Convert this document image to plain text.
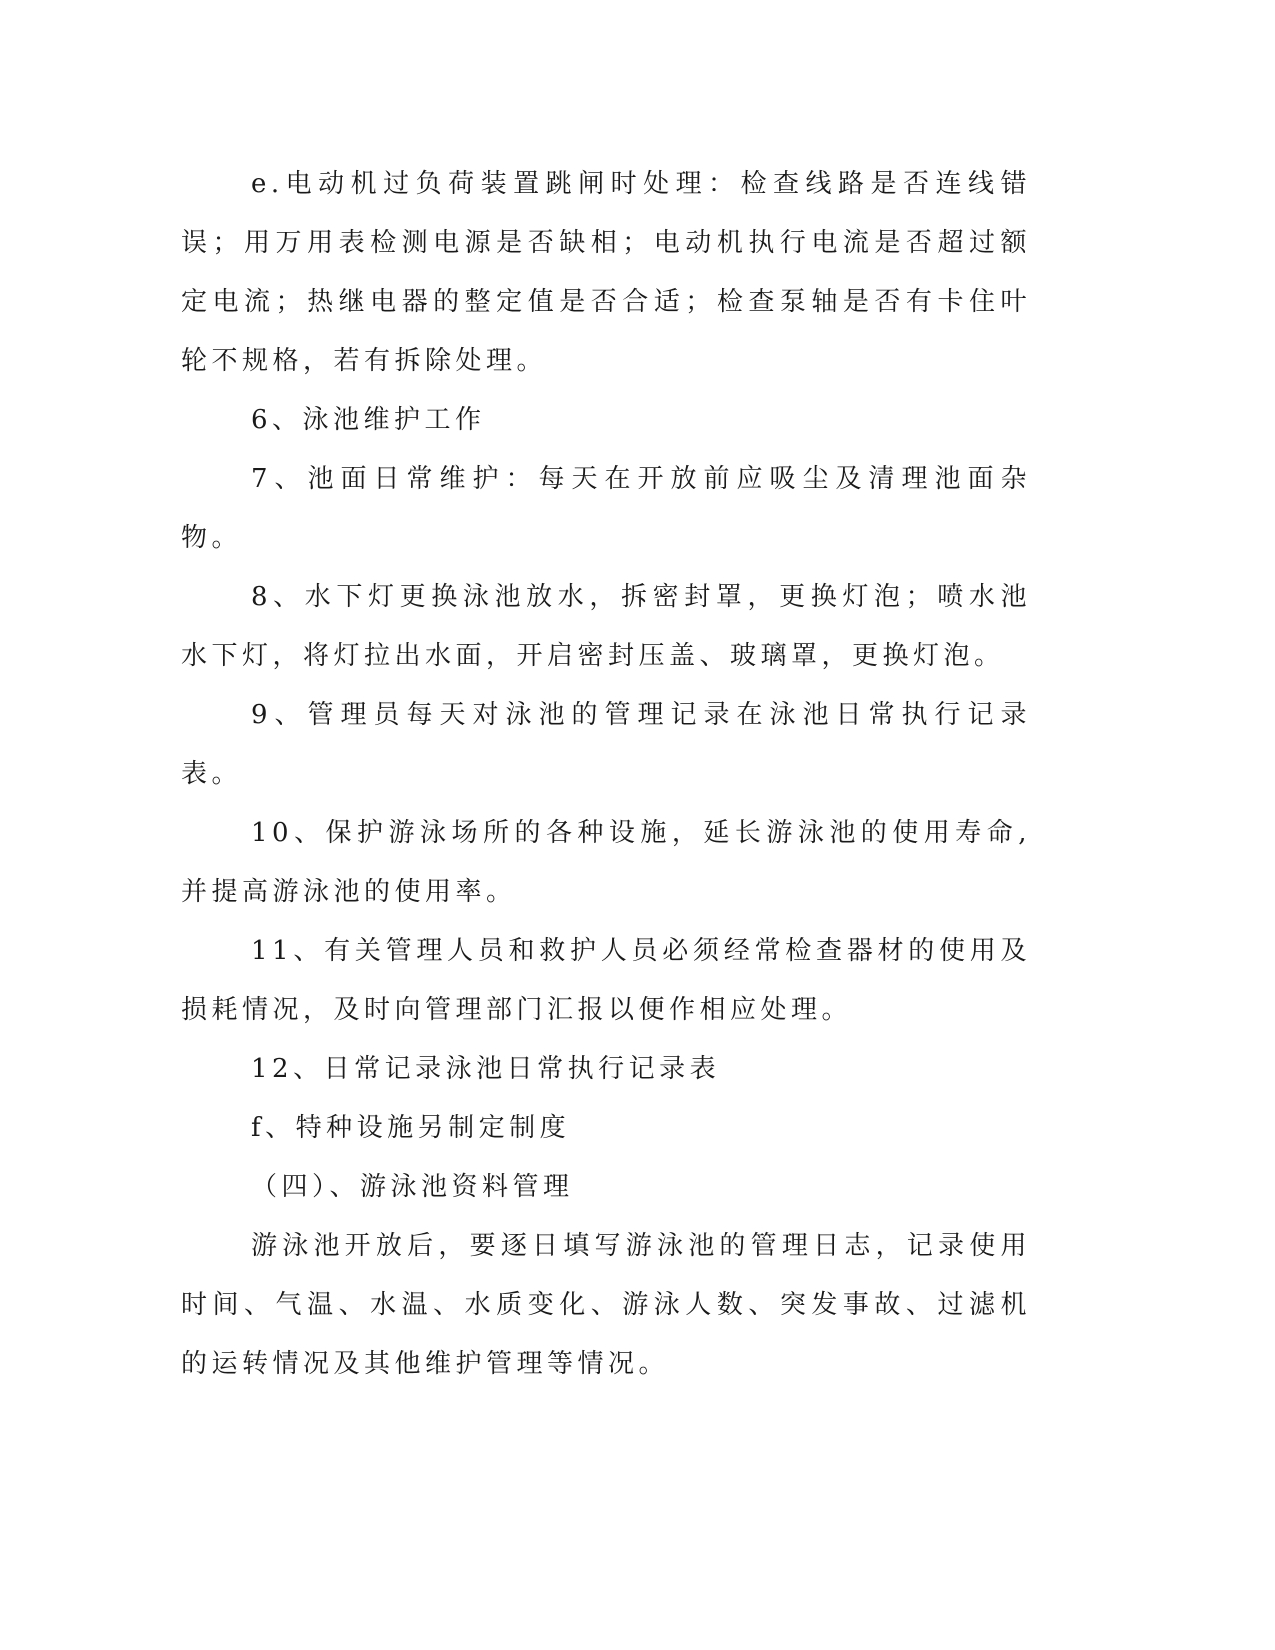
e.电动机过负荷装置跳闸时处理：检查线路是否连线错误；用万用表检测电源是否缺相；电动机执行电流是否超过额定电流；热继电器的整定值是否合适；检查泵轴是否有卡住叶轮不规格，若有拆除处理。

6、泳池维护工作

7、池面日常维护：每天在开放前应吸尘及清理池面杂物。

8、水下灯更换泳池放水，拆密封罩，更换灯泡；喷水池水下灯，将灯拉出水面，开启密封压盖、玻璃罩，更换灯泡。

9、管理员每天对泳池的管理记录在泳池日常执行记录表。

10、保护游泳场所的各种设施，延长游泳池的使用寿命,并提高游泳池的使用率。

11、有关管理人员和救护人员必须经常检查器材的使用及损耗情况，及时向管理部门汇报以便作相应处理。

12、日常记录泳池日常执行记录表

f、特种设施另制定制度

（四）、游泳池资料管理

游泳池开放后，要逐日填写游泳池的管理日志，记录使用时间、气温、水温、水质变化、游泳人数、突发事故、过滤机的运转情况及其他维护管理等情况。
